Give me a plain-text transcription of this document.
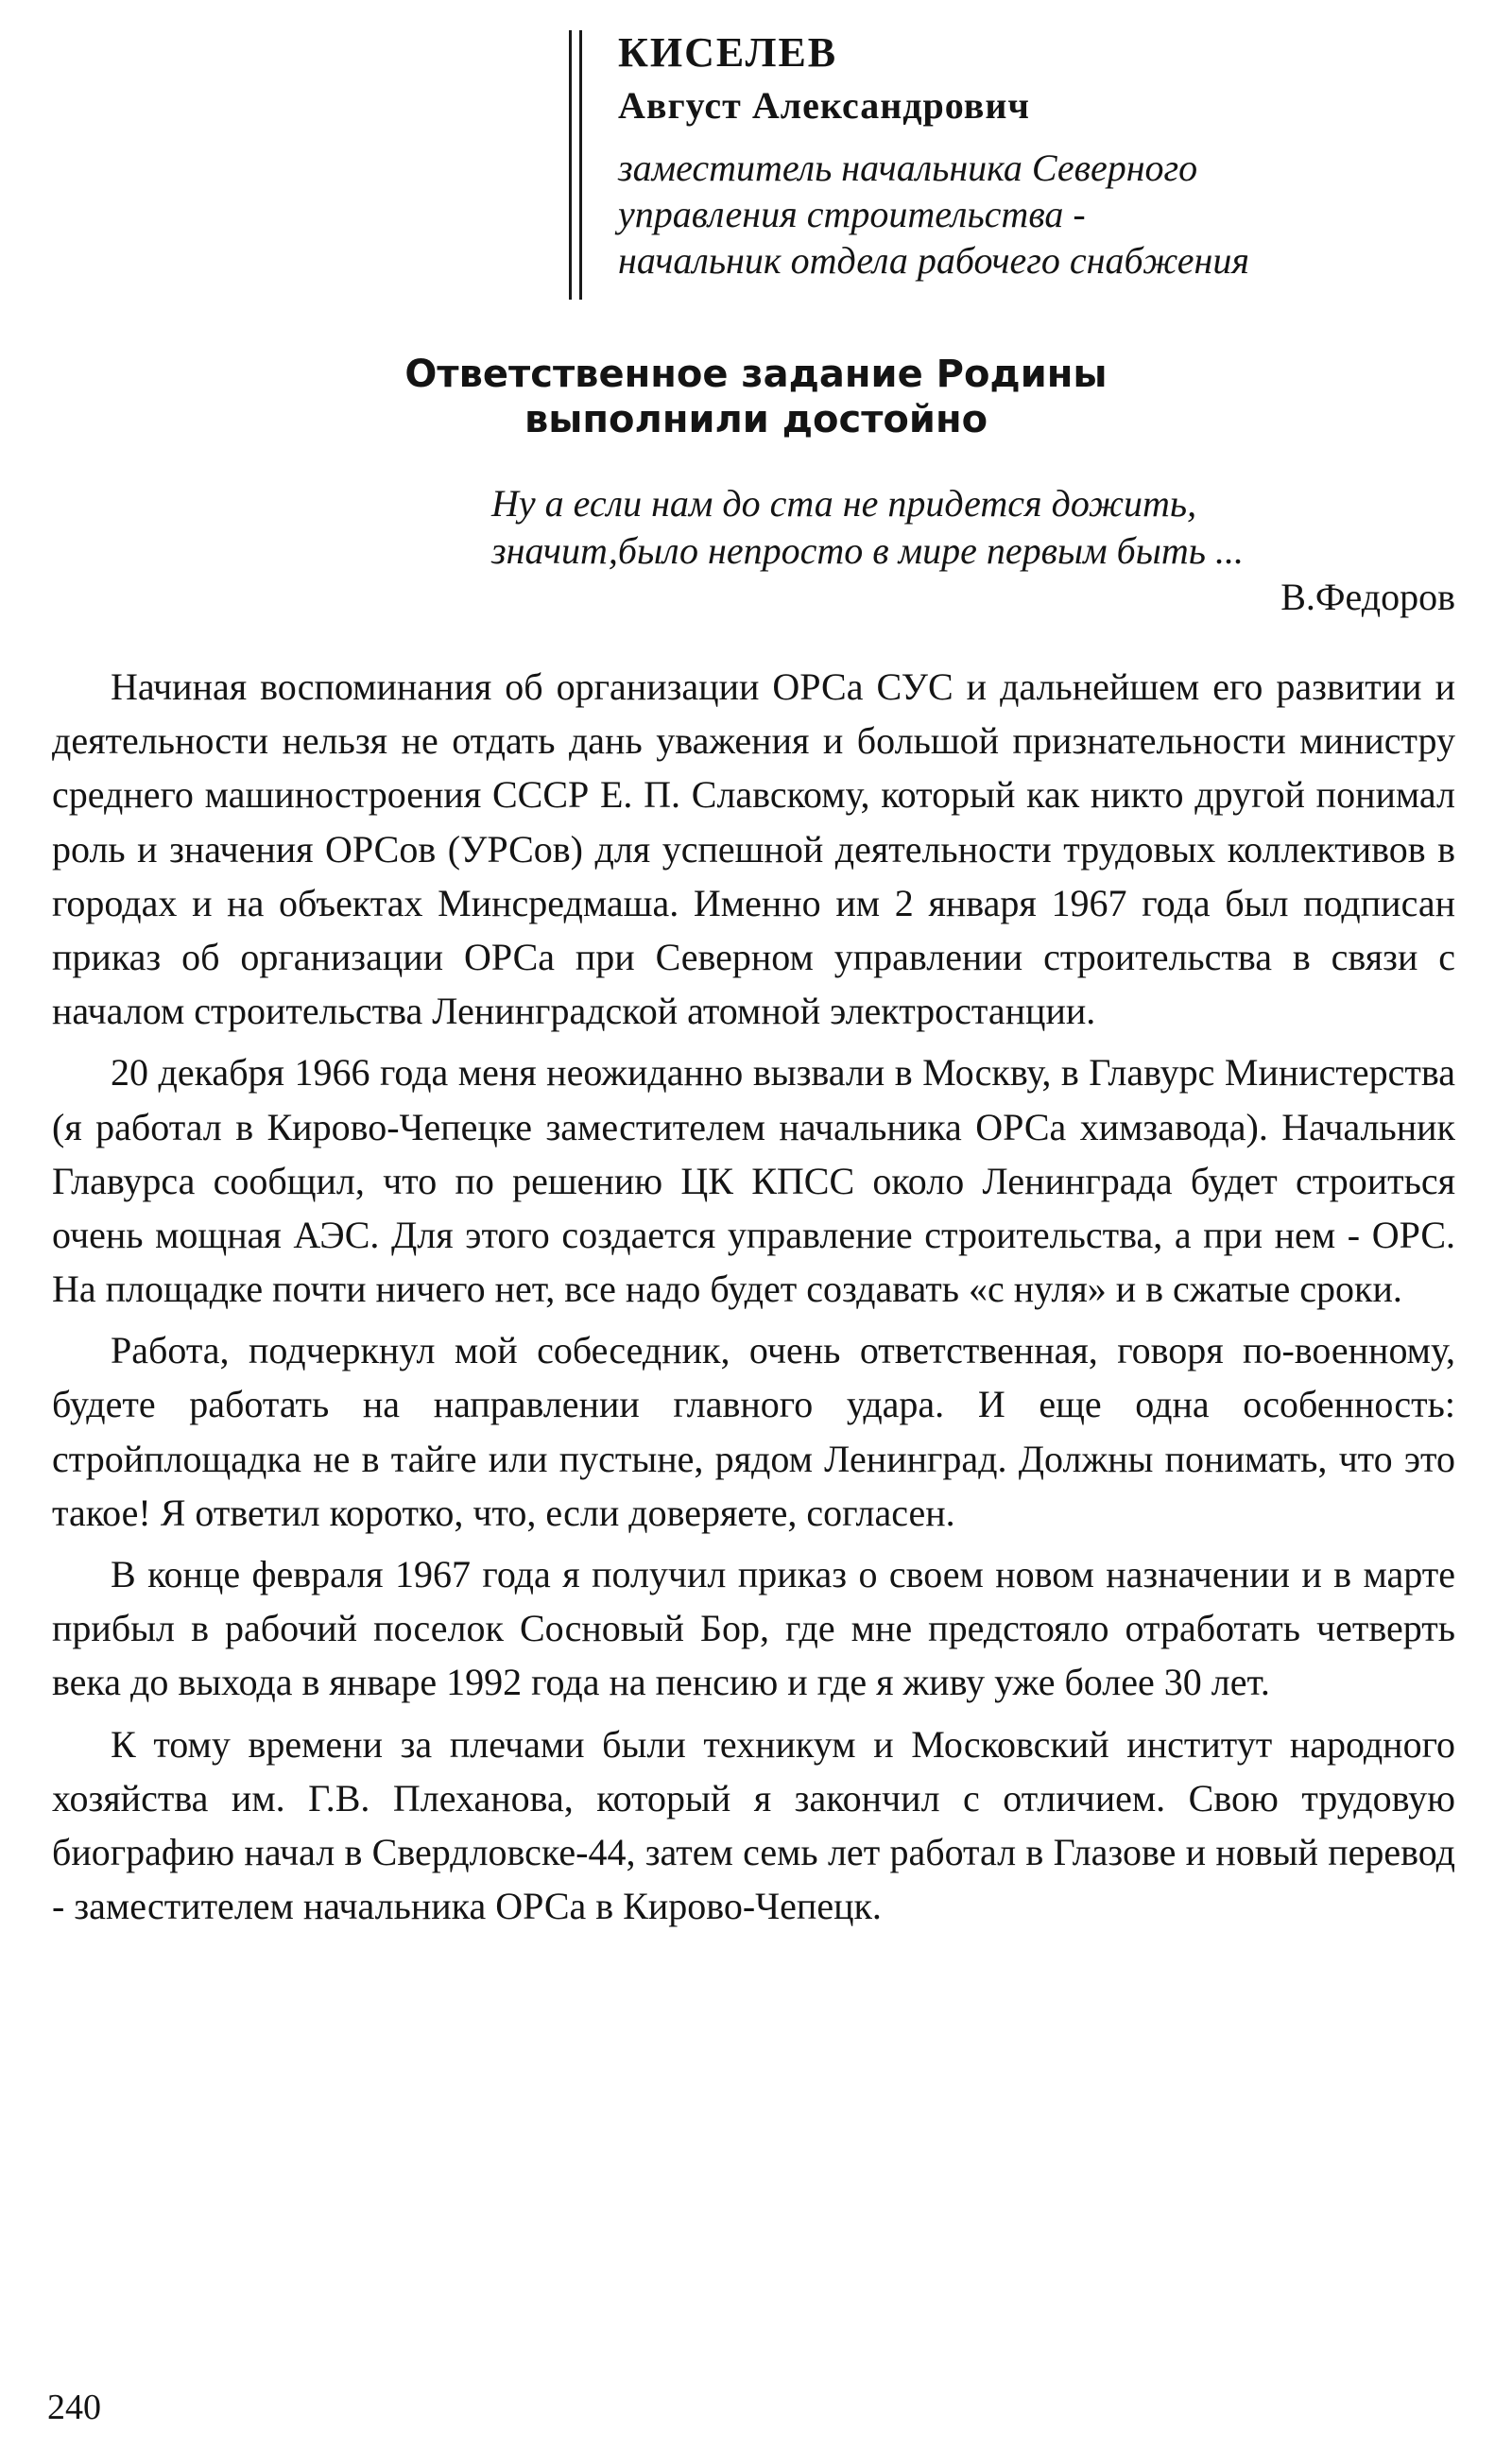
КИСЕЛЕВ

Август Александрович

заместитель начальника Северного
управления строительства -
начальник отдела рабочего снабжения

Ответственное задание Родины
выполнили достойно

Ну а если нам до ста не придется дожить,
значит,было непросто в мире первым быть ...

В.Федоров

Начиная воспоминания об организации ОРСа СУС и дальнейшем его развитии и деятельности нельзя не отдать дань уважения и большой признательности министру среднего машиностроения СССР Е. П. Славскому, который как никто другой понимал роль и значения ОРСов (УРСов) для успешной деятельности трудовых коллективов в городах и на объектах Минсредмаша. Именно им 2 января 1967 года был подписан приказ об организации ОРСа при Северном управлении строительства в связи с началом строительства Ленинградской атомной электростанции.

20 декабря 1966 года меня неожиданно вызвали в Москву, в Главурс Министерства (я работал в Кирово-Чепецке заместителем начальника ОРСа химзавода). Начальник Главурса сообщил, что по решению ЦК КПСС около Ленинграда будет строиться очень мощная АЭС. Для этого создается управление строительства, а при нем - ОРС. На площадке почти ничего нет, все надо будет создавать «с нуля» и в сжатые сроки.

Работа, подчеркнул мой собеседник, очень ответственная, говоря по-военному, будете работать на направлении главного удара. И еще одна особенность: стройплощадка не в тайге или пустыне, рядом Ленинград. Должны понимать, что это такое! Я ответил коротко, что, если доверяете, согласен.

В конце февраля 1967 года я получил приказ о своем новом назначении и в марте прибыл в рабочий поселок Сосновый Бор, где мне предстояло отработать четверть века до выхода в январе 1992 года на пенсию и где я живу уже более 30 лет.

К тому времени за плечами были техникум и Московский институт народного хозяйства им. Г.В. Плеханова, который я закончил с отличием. Свою трудовую биографию начал в Свердловске-44, затем семь лет работал в Глазове и новый перевод - заместителем начальника ОРСа в Кирово-Чепецк.

240
